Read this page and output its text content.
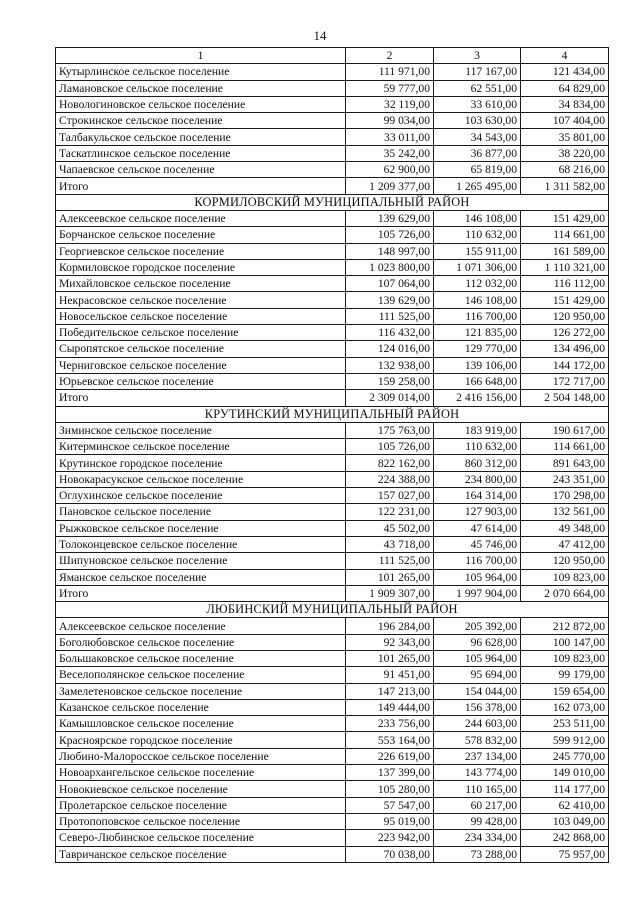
14
1	2	3	4
Кутырлинское сельское поселение	111 971,00	117 167,00	121 434,00
Ламановское сельское поселение	59 777,00	62 551,00	64 829,00
Новологиновское сельское поселение	32 119,00	33 610,00	34 834,00
Строкинское сельское поселение	99 034,00	103 630,00	107 404,00
Талбакульское сельское поселение	33 011,00	34 543,00	35 801,00
Таскатлинское сельское поселение	35 242,00	36 877,00	38 220,00
Чапаевское сельское поселение	62 900,00	65 819,00	68 216,00
Итого	1 209 377,00	1 265 495,00	1 311 582,00
КОРМИЛОВСКИЙ МУНИЦИПАЛЬНЫЙ РАЙОН			
Алексеевское сельское поселение	139 629,00	146 108,00	151 429,00
Борчанское сельское поселение	105 726,00	110 632,00	114 661,00
Георгиевское сельское поселение	148 997,00	155 911,00	161 589,00
Кормиловское городское поселение	1 023 800,00	1 071 306,00	1 110 321,00
Михайловское сельское поселение	107 064,00	112 032,00	116 112,00
Некрасовское сельское поселение	139 629,00	146 108,00	151 429,00
Новосельское сельское поселение	111 525,00	116 700,00	120 950,00
Победительское сельское поселение	116 432,00	121 835,00	126 272,00
Сыропятское сельское поселение	124 016,00	129 770,00	134 496,00
Черниговское сельское поселение	132 938,00	139 106,00	144 172,00
Юрьевское сельское поселение	159 258,00	166 648,00	172 717,00
Итого	2 309 014,00	2 416 156,00	2 504 148,00
КРУТИНСКИЙ МУНИЦИПАЛЬНЫЙ РАЙОН			
Зиминское сельское поселение	175 763,00	183 919,00	190 617,00
Китерминское сельское поселение	105 726,00	110 632,00	114 661,00
Крутинское городское поселение	822 162,00	860 312,00	891 643,00
Новокарасукское сельское поселение	224 388,00	234 800,00	243 351,00
Оглухинское сельское поселение	157 027,00	164 314,00	170 298,00
Пановское сельское поселение	122 231,00	127 903,00	132 561,00
Рыжковское сельское поселение	45 502,00	47 614,00	49 348,00
Толоконцевское сельское поселение	43 718,00	45 746,00	47 412,00
Шипуновское сельское поселение	111 525,00	116 700,00	120 950,00
Яманское сельское поселение	101 265,00	105 964,00	109 823,00
Итого	1 909 307,00	1 997 904,00	2 070 664,00
ЛЮБИНСКИЙ МУНИЦИПАЛЬНЫЙ РАЙОН			
Алексеевское сельское поселение	196 284,00	205 392,00	212 872,00
Боголюбовское сельское поселение	92 343,00	96 628,00	100 147,00
Большаковское сельское поселение	101 265,00	105 964,00	109 823,00
Веселополянское сельское поселение	91 451,00	95 694,00	99 179,00
Замелетеновское сельское поселение	147 213,00	154 044,00	159 654,00
Казанское сельское поселение	149 444,00	156 378,00	162 073,00
Камышловское сельское поселение	233 756,00	244 603,00	253 511,00
Красноярское городское поселение	553 164,00	578 832,00	599 912,00
Любино-Малоросское сельское поселение	226 619,00	237 134,00	245 770,00
Новоархангельское сельское поселение	137 399,00	143 774,00	149 010,00
Новокиевское сельское поселение	105 280,00	110 165,00	114 177,00
Пролетарское сельское поселение	57 547,00	60 217,00	62 410,00
Протопоповское сельское поселение	95 019,00	99 428,00	103 049,00
Северо-Любинское сельское поселение	223 942,00	234 334,00	242 868,00
Тавричанское сельское поселение	70 038,00	73 288,00	75 957,00
